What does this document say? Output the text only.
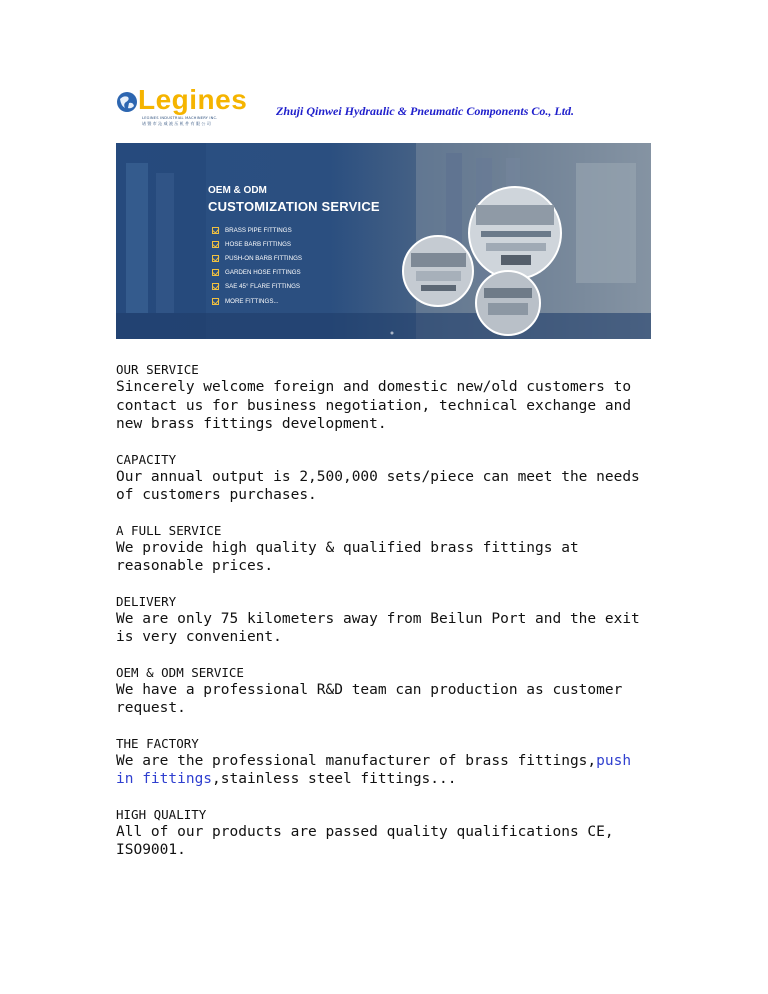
Legines
LEGINES INDUSTRIAL MACHINERY INC.
诸暨市沁威液压机件有限公司
Zhuji Qinwei Hydraulic & Pneumatic Components Co., Ltd.
OEM & ODM
CUSTOMIZATION SERVICE
BRASS PIPE FITTINGS
HOSE BARB FITTINGS
PUSH-ON BARB FITTINGS
GARDEN HOSE FITTINGS
SAE 45° FLARE FITTINGS
MORE FITTINGS...
OUR SERVICE
Sincerely welcome foreign and domestic new/old customers to
contact us for business negotiation, technical exchange and
new brass fittings development.
CAPACITY
Our annual output is 2,500,000 sets/piece can meet the needs
of customers purchases.
A FULL SERVICE
We provide high quality & qualified brass fittings at
reasonable prices.
DELIVERY
We are only 75 kilometers away from Beilun Port and the exit
is very convenient.
OEM & ODM SERVICE
We have a professional R&D team can production as customer
request.
THE FACTORY
We are the professional manufacturer of brass fittings,push
in fittings,stainless steel fittings...
HIGH QUALITY
All of our products are passed quality qualifications CE,
ISO9001.
